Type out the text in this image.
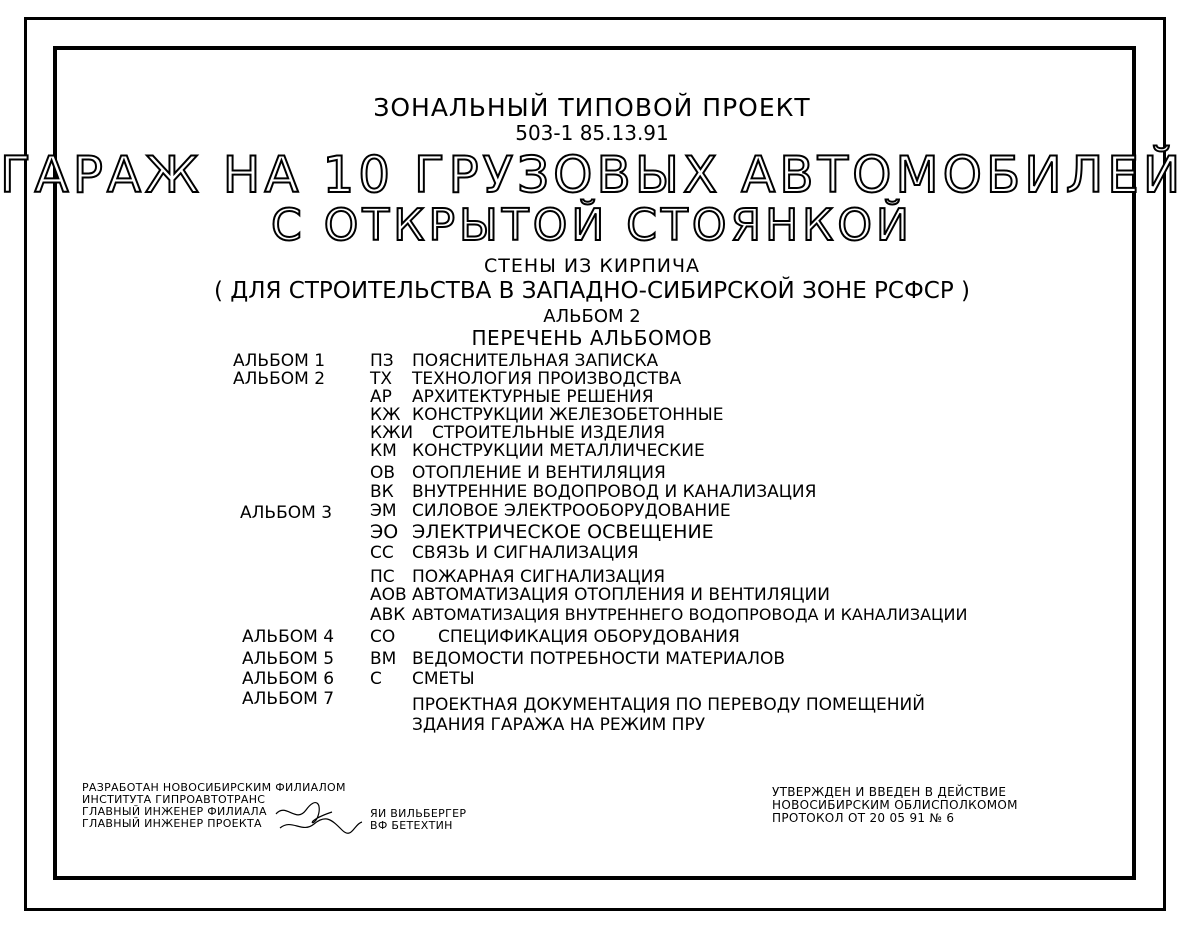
ЗОНАЛЬНЫЙ ТИПОВОЙ ПРОЕКТ
503-1 85.13.91
ГАРАЖ НА 10 ГРУЗОВЫХ АВТОМОБИЛЕЙ
С ОТКРЫТОЙ СТОЯНКОЙ
СТЕНЫ ИЗ КИРПИЧА
( ДЛЯ СТРОИТЕЛЬСТВА В ЗАПАДНО-СИБИРСКОЙ ЗОНЕ РСФСР )
АЛЬБОМ 2
ПЕРЕЧЕНЬ АЛЬБОМОВ
АЛЬБОМ 1	ПЗ ПОЯСНИТЕЛЬНАЯ ЗАПИСКА
АЛЬБОМ 2	ТХ ТЕХНОЛОГИЯ ПРОИЗВОДСТВА
АР АРХИТЕКТУРНЫЕ РЕШЕНИЯ
КЖ КОНСТРУКЦИИ ЖЕЛЕЗОБЕТОННЫЕ
КЖИ СТРОИТЕЛЬНЫЕ ИЗДЕЛИЯ
КМ КОНСТРУКЦИИ МЕТАЛЛИЧЕСКИЕ
ОВ ОТОПЛЕНИЕ И ВЕНТИЛЯЦИЯ
ВК ВНУТРЕННИЕ ВОДОПРОВОД И КАНАЛИЗАЦИЯ
АЛЬБОМ 3 ЭМ СИЛОВОЕ ЭЛЕКТРООБОРУДОВАНИЕ
ЭО ЭЛЕКТРИЧЕСКОЕ ОСВЕЩЕНИЕ
СС СВЯЗЬ И СИГНАЛИЗАЦИЯ
ПС ПОЖАРНАЯ СИГНАЛИЗАЦИЯ
АОВ АВТОМАТИЗАЦИЯ ОТОПЛЕНИЯ И ВЕНТИЛЯЦИИ
АВК АВТОМАТИЗАЦИЯ ВНУТРЕННЕГО ВОДОПРОВОДА И КАНАЛИЗАЦИИ
АЛЬБОМ 4 СО	СПЕЦИФИКАЦИЯ ОБОРУДОВАНИЯ
АЛЬБОМ 5 ВМ ВЕДОМОСТИ ПОТРЕБНОСТИ МАТЕРИАЛОВ
АЛЬБОМ 6 С СМЕТЫ
АЛЬБОМ 7	ПРОЕКТНАЯ ДОКУМЕНТАЦИЯ ПО ПЕРЕВОДУ ПОМЕЩЕНИЙ
ЗДАНИЯ ГАРАЖА НА РЕЖИМ ПРУ
РАЗРАБОТАН НОВОСИБИРСКИМ ФИЛИАЛОМ
ИНСТИТУТА ГИПРОАВТОТРАНС
ГЛАВНЫЙ ИНЖЕНЕР ФИЛИАЛА
ГЛАВНЫЙ ИНЖЕНЕР ПРОЕКТА
ЯИ ВИЛЬБЕРГЕР
ВФ БЕТЕХТИН
УТВЕРЖДЕН И ВВЕДЕН В ДЕЙСТВИЕ
НОВОСИБИРСКИМ ОБЛИСПОЛКОМОМ
ПРОТОКОЛ ОТ 20 05 91 № 6
